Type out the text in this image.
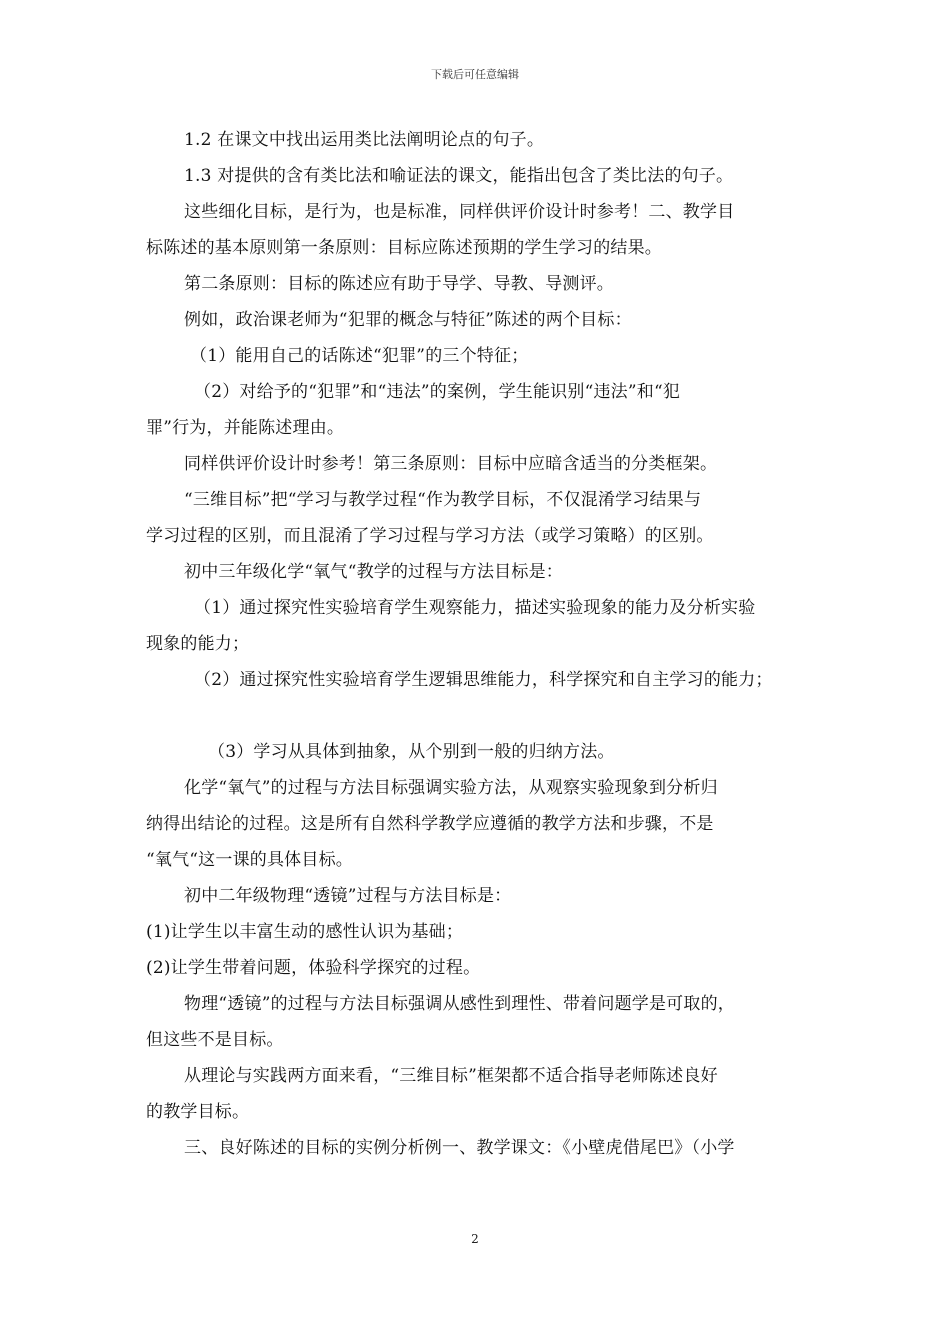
下载后可任意编辑

1.2 在课文中找出运用类比法阐明论点的句子。

1.3 对提供的含有类比法和喻证法的课文，能指出包含了类比法的句子。

这些细化目标，是行为，也是标准，同样供评价设计时参考！二、教学目

标陈述的基本原则第一条原则：目标应陈述预期的学生学习的结果。

第二条原则：目标的陈述应有助于导学、导教、导测评。

例如，政治课老师为“犯罪的概念与特征”陈述的两个目标：

（1）能用自己的话陈述“犯罪”的三个特征；

（2）对给予的“犯罪”和“违法”的案例，学生能识别“违法”和“犯

罪”行为，并能陈述理由。

同样供评价设计时参考！第三条原则：目标中应暗含适当的分类框架。

“三维目标”把“学习与教学过程“作为教学目标，不仅混淆学习结果与

学习过程的区别，而且混淆了学习过程与学习方法（或学习策略）的区别。

初中三年级化学“氧气“教学的过程与方法目标是：

（1）通过探究性实验培育学生观察能力，描述实验现象的能力及分析实验

现象的能力；

（2）通过探究性实验培育学生逻辑思维能力，科学探究和自主学习的能力；

（3）学习从具体到抽象，从个别到一般的归纳方法。

化学“氧气”的过程与方法目标强调实验方法，从观察实验现象到分析归

纳得出结论的过程。这是所有自然科学教学应遵循的教学方法和步骤，不是

“氧气“这一课的具体目标。

初中二年级物理“透镜”过程与方法目标是：

(1)让学生以丰富生动的感性认识为基础；

(2)让学生带着问题，体验科学探究的过程。

物理“透镜”的过程与方法目标强调从感性到理性、带着问题学是可取的，

但这些不是目标。

从理论与实践两方面来看，“三维目标”框架都不适合指导老师陈述良好

的教学目标。

三、良好陈述的目标的实例分析例一、教学课文：《小壁虎借尾巴》（小学

2
